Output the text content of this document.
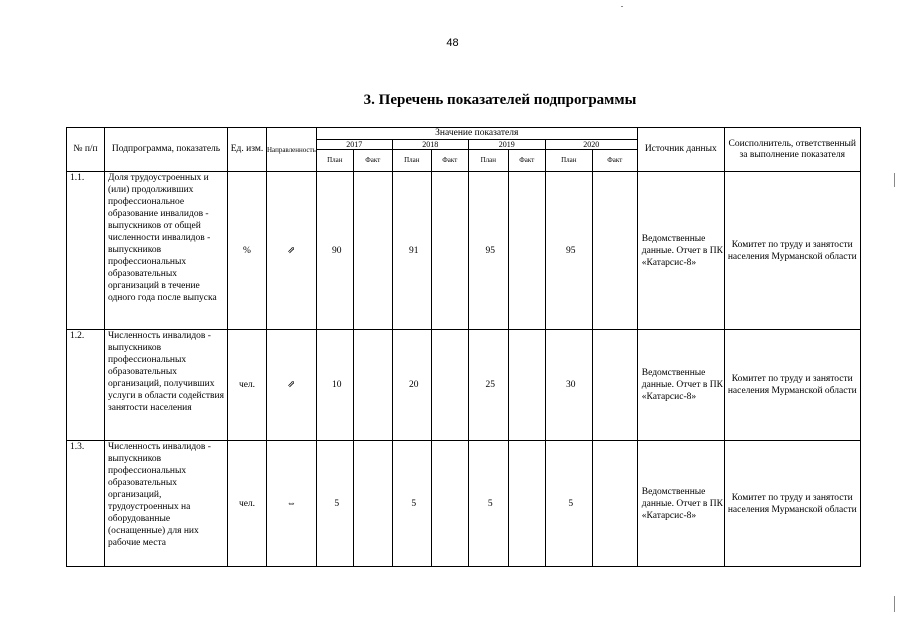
48
3. Перечень показателей подпрограммы
№ п/п	Подпрограмма, показатель	Ед. изм.	Направленность	Значение показателя								Источник данных	Соисполнитель, ответственный за выполнение показателя
				2017		2018		2019		2020			
				План	Факт	План	Факт	План	Факт	План	Факт		
1.1.	Доля трудоустроенных и (или) продолживших профессиональное образование инвалидов - выпускников от общей численности инвалидов - выпускников профессиональных образовательных организаций в течение одного года после выпуска	%	⇗	90		91		95		95		Ведомственные данные. Отчет в ПК «Катарсис-8»	Комитет по труду и занятости населения Мурманской области
1.2.	Численность инвалидов - выпускников профессиональных образовательных организаций, получивших услуги в области содействия занятости населения	чел.	⇗	10		20		25		30		Ведомственные данные. Отчет в ПК «Катарсис-8»	Комитет по труду и занятости населения Мурманской области
1.3.	Численность инвалидов - выпускников профессиональных образовательных организаций, трудоустроенных на оборудованные (оснащенные) для них рабочие места	чел.	⇔	5		5		5		5		Ведомственные данные. Отчет в ПК «Катарсис-8»	Комитет по труду и занятости населения Мурманской области
